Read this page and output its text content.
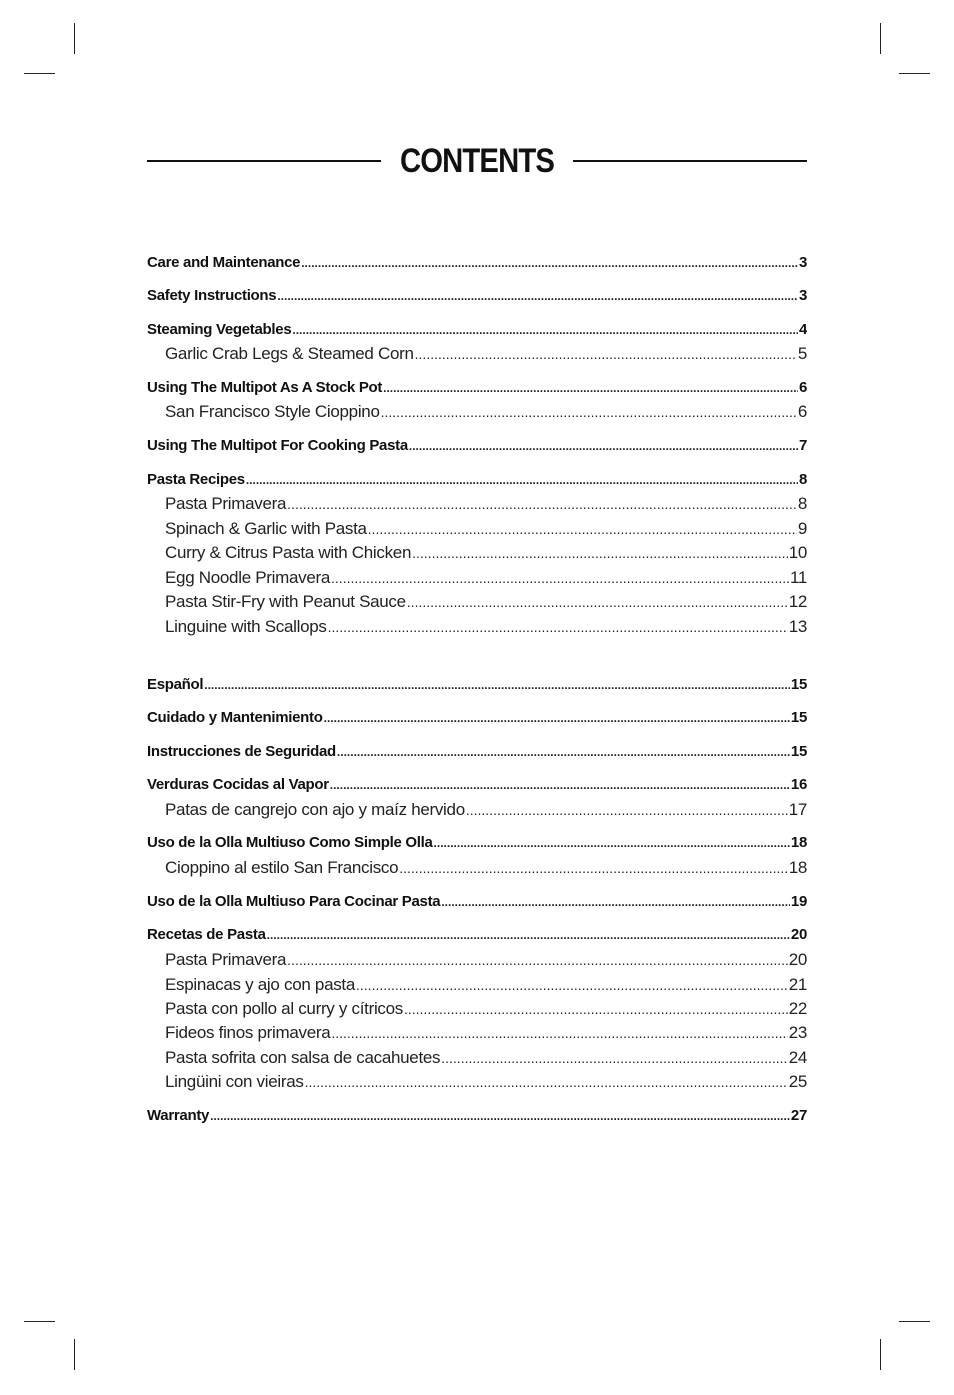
CONTENTS
Care and Maintenance .....	3
Safety Instructions .....	3
Steaming Vegetables .....	4
Garlic Crab Legs & Steamed Corn .....	5
Using The Multipot As A Stock Pot .....	6
San Francisco Style Cioppino .....	6
Using The Multipot For Cooking Pasta .....	7
Pasta Recipes .....	8
Pasta Primavera .....	8
Spinach & Garlic with Pasta .....	9
Curry & Citrus Pasta with Chicken .....	10
Egg Noodle Primavera .....	11
Pasta Stir-Fry with Peanut Sauce .....	12
Linguine with Scallops .....	13
Español .....	15
Cuidado y Mantenimiento .....	15
Instrucciones de Seguridad .....	15
Verduras Cocidas al Vapor .....	16
Patas de cangrejo con ajo y maíz hervido .....	17
Uso de la Olla Multiuso Como Simple Olla .....	18
Cioppino al estilo San Francisco .....	18
Uso de la Olla Multiuso Para Cocinar Pasta .....	19
Recetas de Pasta .....	20
Pasta Primavera .....	20
Espinacas y ajo con pasta .....	21
Pasta con pollo al curry y cítricos .....	22
Fideos finos primavera .....	23
Pasta sofrita con salsa de cacahuetes .....	24
Lingüini con vieiras .....	25
Warranty .....	27
